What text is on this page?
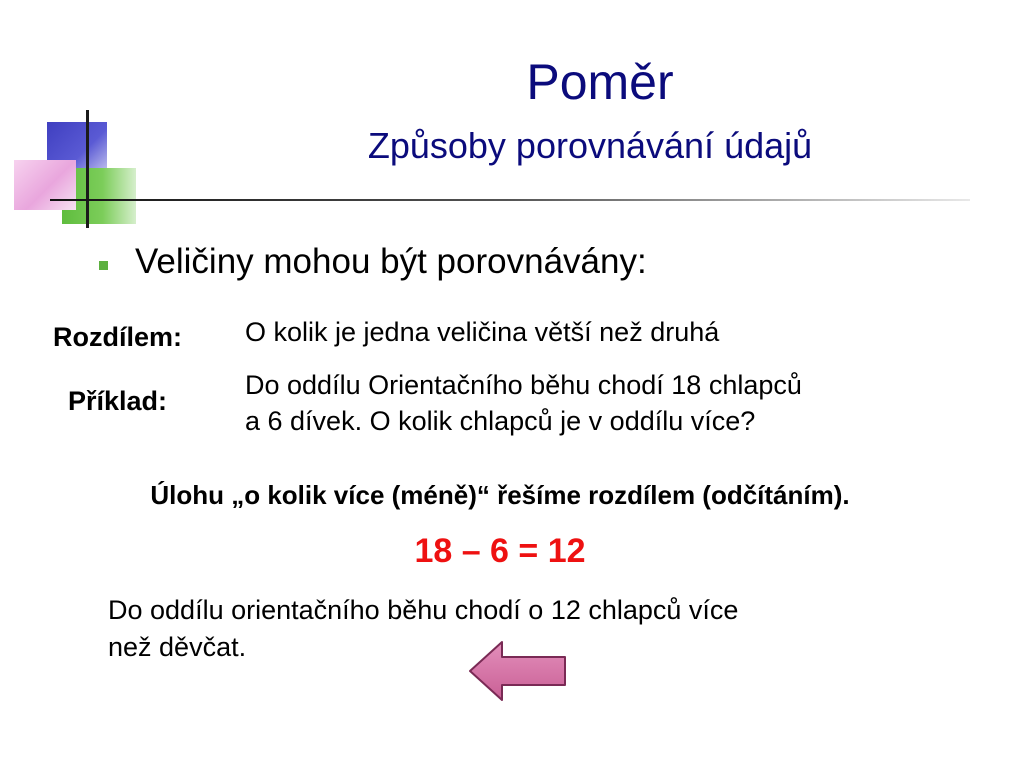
Poměr
Způsoby porovnávání údajů
Veličiny mohou být porovnávány:
Rozdílem: O kolik je jedna veličina větší než druhá
Příklad:
Do oddílu Orientačního běhu chodí 18 chlapců
a 6 dívek. O kolik chlapců je v oddílu více?
Úlohu „o kolik více (méně)“ řešíme rozdílem (odčítáním).
18 – 6 = 12
Do oddílu orientačního běhu chodí o 12 chlapců více
než děvčat.
